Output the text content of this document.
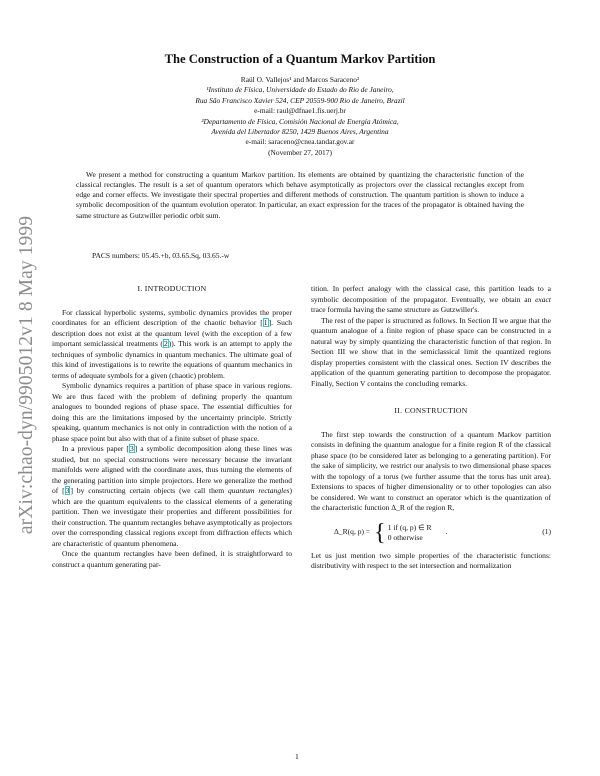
arXiv:chao-dyn/9905012v1 8 May 1999
The Construction of a Quantum Markov Partition
Raúl O. Vallejos¹ and Marcos Saraceno²
¹Instituto de Física, Universidade do Estado do Rio de Janeiro,
Rua São Francisco Xavier 524, CEP 20559-900 Rio de Janeiro, Brazil
e-mail: raul@dfnae1.fis.uerj.br
²Departamento de Física, Comisión Nacional de Energía Atómica,
Avenida del Libertador 8250, 1429 Buenos Aires, Argentina
e-mail: saraceno@cnea.tandar.gov.ar
(November 27, 2017)
We present a method for constructing a quantum Markov partition. Its elements are obtained by quantizing the characteristic function of the classical rectangles. The result is a set of quantum operators which behave asymptotically as projectors over the classical rectangles except from edge and corner effects. We investigate their spectral properties and different methods of construction. The quantum partition is shown to induce a symbolic decomposition of the quantum evolution operator. In particular, an exact expression for the traces of the propagator is obtained having the same structure as Gutzwiller periodic orbit sum.
PACS numbers: 05.45.+b, 03.65.Sq, 03.65.-w
I. INTRODUCTION

For classical hyperbolic systems, symbolic dynamics provides the proper coordinates for an efficient description of the chaotic behavior [1]. Such description does not exist at the quantum level (with the exception of a few important semiclassical treatments (2)). This work is an attempt to apply the techniques of symbolic dynamics in quantum mechanics. The ultimate goal of this kind of investigations is to rewrite the equations of quantum mechanics in terms of adequate symbols for a given (chaotic) problem.

Symbolic dynamics requires a partition of phase space in various regions. We are thus faced with the problem of defining properly the quantum analogues to bounded regions of phase space. The essential difficulties for doing this are the limitations imposed by the uncertainty principle. Strictly speaking, quantum mechanics is not only in contradiction with the notion of a phase space point but also with that of a finite subset of phase space.

In a previous paper [3] a symbolic decomposition along these lines was studied, but no special constructions were necessary because the invariant manifolds were aligned with the coordinate axes, thus turning the elements of the generating partition into simple projectors. Here we generalize the method of [3] by constructing certain objects (we call them quantum rectangles) which are the quantum equivalents to the classical elements of a generating partition. Then we investigate their properties and different possibilities for their construction. The quantum rectangles behave asymptotically as projectors over the corresponding classical regions except from diffraction effects which are characteristic of quantum phenomena.

Once the quantum rectangles have been defined, it is straightforward to construct a quantum generating par-

tition. In perfect analogy with the classical case, this partition leads to a symbolic decomposition of the propagator. Eventually, we obtain an exact trace formula having the same structure as Gutzwiller's.

The rest of the paper is structured as follows. In Section II we argue that the quantum analogue of a finite region of phase space can be constructed in a natural way by simply quantizing the characteristic function of that region. In Section III we show that in the semiclassical limit the quantized regions display properties consistent with the classical ones. Section IV describes the application of the quantum generating partition to decompose the propagator. Finally, Section V contains the concluding remarks.

II. CONSTRUCTION

The first step towards the construction of a quantum Markov partition consists in defining the quantum analogue for a finite region R of the classical phase space (to be considered later as belonging to a generating partition). For the sake of simplicity, we restrict our analysis to two dimensional phase spaces with the topology of a torus (we further assume that the torus has unit area). Extensions to spaces of higher dimensionality or to other topologies can also be considered. We want to construct an operator which is the quantization of the characteristic function Δ_R of the region R,

Δ_R(q, p) = { 1 if (q, p) ∈ R
0 otherwise
.	(1)

Let us just mention two simple properties of the characteristic functions: distributivity with respect to the set intersection and normalization

1
